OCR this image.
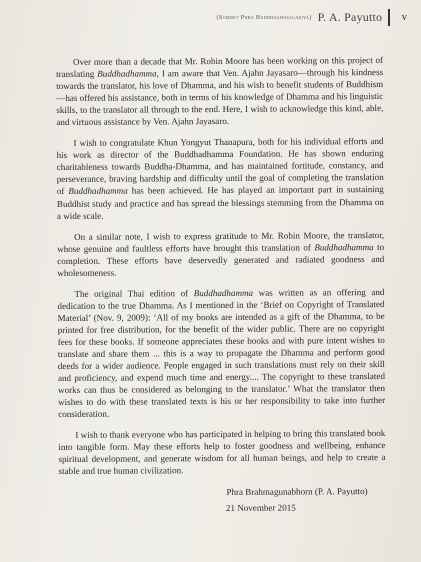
(Somdet Phra Buddhaghosacariya) P. A. Payutto v

Over more than a decade that Mr. Robin Moore has been working on this project of translating Buddhadhamma, I am aware that Ven. Ajahn Jayasaro—through his kindness towards the translator, his love of Dhamma, and his wish to benefit students of Buddhism—has offered his assistance, both in terms of his knowledge of Dhamma and his linguistic skills, to the translator all through to the end. Here, I wish to acknowledge this kind, able, and virtuous assistance by Ven. Ajahn Jayasaro.

I wish to congratulate Khun Yongyut Thanapura, both for his individual efforts and his work as director of the Buddhadhamma Foundation. He has shown enduring charitableness towards Buddha-Dhamma, and has maintained fortitude, constancy, and perseverance, braving hardship and difficulty until the goal of completing the translation of Buddhadhamma has been achieved. He has played an important part in sustaining Buddhist study and practice and has spread the blessings stemming from the Dhamma on a wide scale.

On a similar note, I wish to express gratitude to Mr. Robin Moore, the translator, whose genuine and faultless efforts have brought this translation of Buddhadhamma to completion. These efforts have deservedly generated and radiated goodness and wholesomeness.

The original Thai edition of Buddhadhamma was written as an offering and dedication to the true Dhamma. As I mentioned in the ‘Brief on Copyright of Translated Material’ (Nov. 9, 2009): ‘All of my books are intended as a gift of the Dhamma, to be printed for free distribution, for the benefit of the wider public. There are no copyright fees for these books. If someone appreciates these books and with pure intent wishes to translate and share them ... this is a way to propagate the Dhamma and perform good deeds for a wider audience. People engaged in such translations must rely on their skill and proficiency, and expend much time and energy.... The copyright to these translated works can thus be considered as belonging to the translator.’ What the translator then wishes to do with these translated texts is his or her responsibility to take into further consideration.

I wish to thank everyone who has participated in helping to bring this translated book into tangible form. May these efforts help to foster goodness and wellbeing, enhance spiritual development, and generate wisdom for all human beings, and help to create a stable and true human civilization.

Phra Brahmagunabhorn (P. A. Payutto)
21 November 2015
